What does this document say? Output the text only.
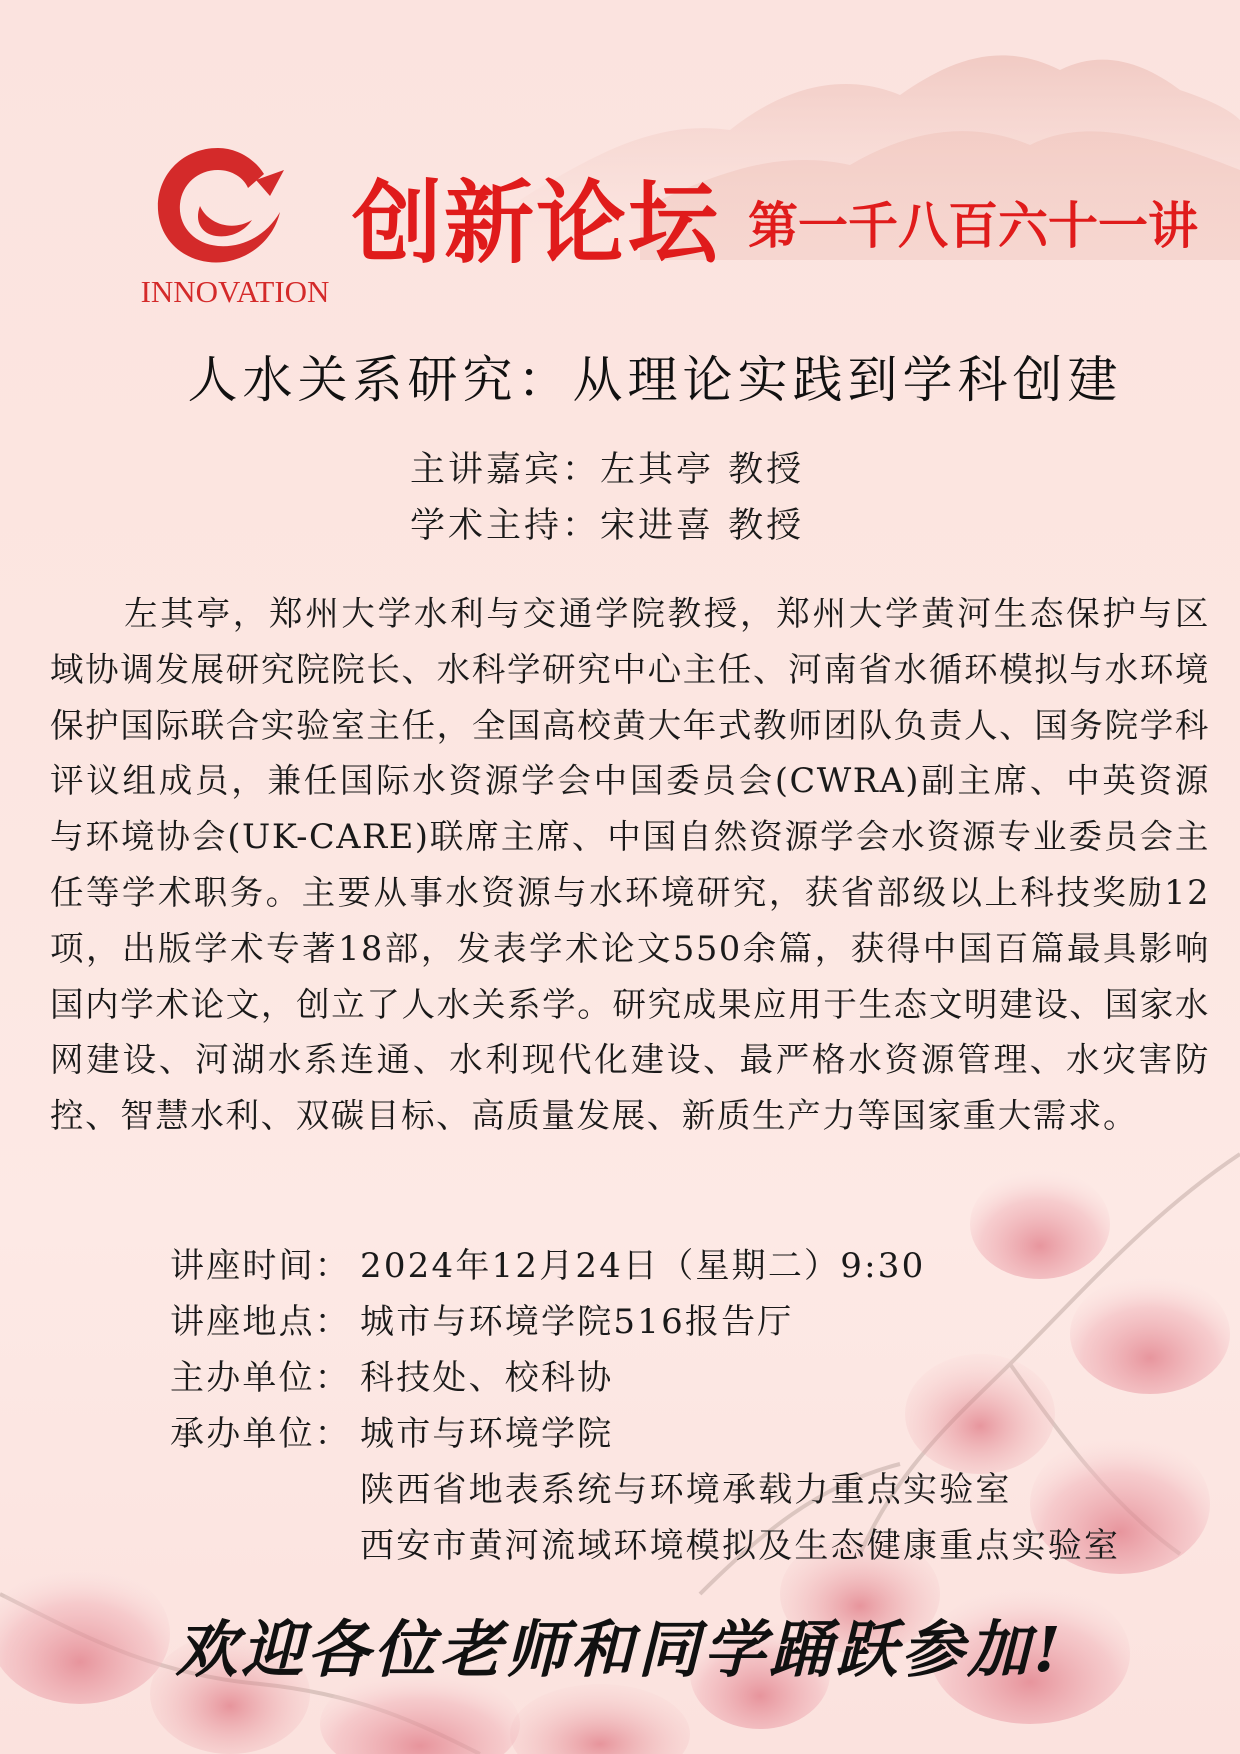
INNOVATION
创新论坛 第一千八百六十一讲
人水关系研究：从理论实践到学科创建
主讲嘉宾：左其亭 教授
学术主持：宋进喜 教授
左其亭，郑州大学水利与交通学院教授，郑州大学黄河生态保护与区域协调发展研究院院长、水科学研究中心主任、河南省水循环模拟与水环境保护国际联合实验室主任，全国高校黄大年式教师团队负责人、国务院学科评议组成员，兼任国际水资源学会中国委员会(CWRA)副主席、中英资源与环境协会(UK-CARE)联席主席、中国自然资源学会水资源专业委员会主任等学术职务。主要从事水资源与水环境研究，获省部级以上科技奖励12项，出版学术专著18部，发表学术论文550余篇，获得中国百篇最具影响国内学术论文，创立了人水关系学。研究成果应用于生态文明建设、国家水网建设、河湖水系连通、水利现代化建设、最严格水资源管理、水灾害防控、智慧水利、双碳目标、高质量发展、新质生产力等国家重大需求。
讲座时间： 2024年12月24日（星期二）9:30
讲座地点： 城市与环境学院516报告厅
主办单位： 科技处、校科协
承办单位： 城市与环境学院
陕西省地表系统与环境承载力重点实验室
西安市黄河流域环境模拟及生态健康重点实验室
欢迎各位老师和同学踊跃参加!
